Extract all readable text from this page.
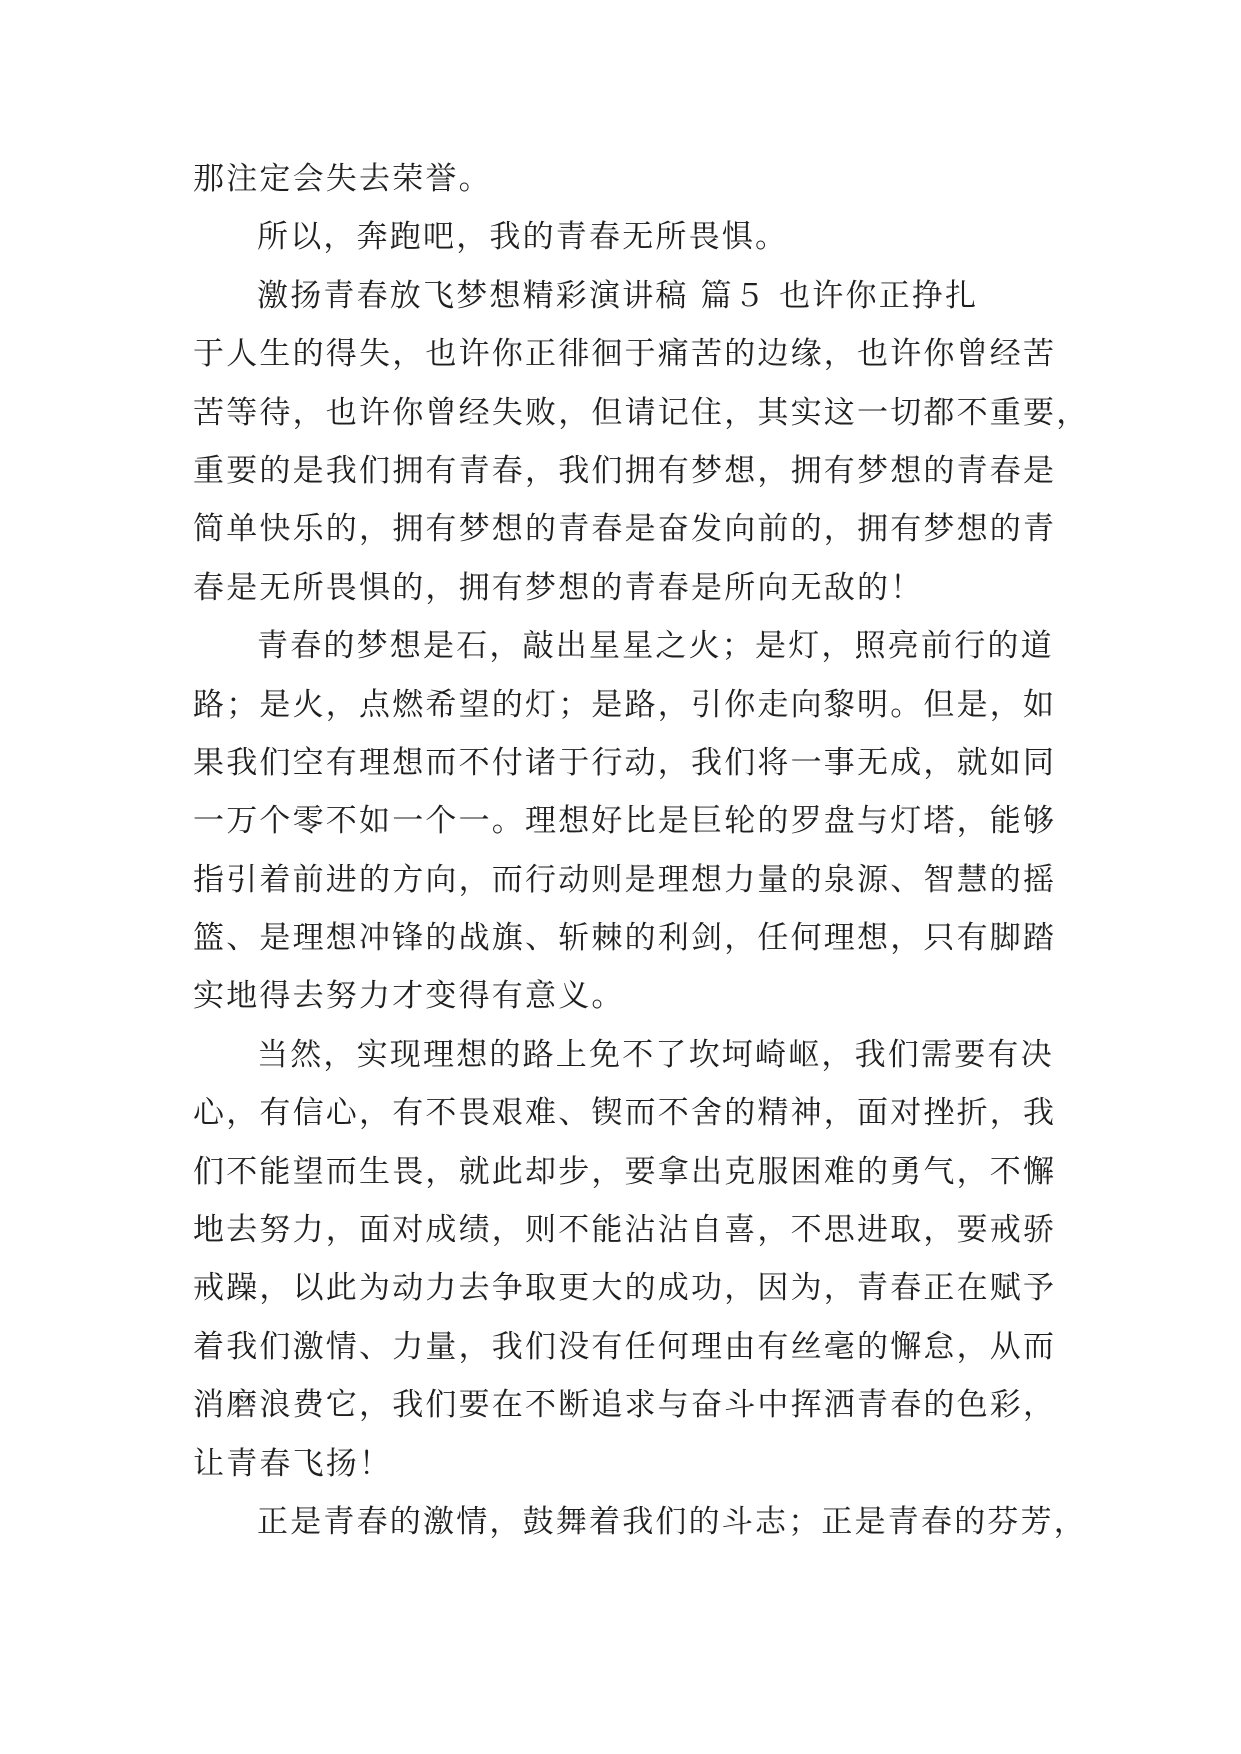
那注定会失去荣誉。
所以，奔跑吧，我的青春无所畏惧。
激扬青春放飞梦想精彩演讲稿 篇５ 也许你正挣扎
于人生的得失，也许你正徘徊于痛苦的边缘，也许你曾经苦
苦等待，也许你曾经失败，但请记住，其实这一切都不重要，
重要的是我们拥有青春，我们拥有梦想，拥有梦想的青春是
简单快乐的，拥有梦想的青春是奋发向前的，拥有梦想的青
春是无所畏惧的，拥有梦想的青春是所向无敌的！
青春的梦想是石，敲出星星之火；是灯，照亮前行的道
路；是火，点燃希望的灯；是路，引你走向黎明。但是，如
果我们空有理想而不付诸于行动，我们将一事无成，就如同
一万个零不如一个一。理想好比是巨轮的罗盘与灯塔，能够
指引着前进的方向，而行动则是理想力量的泉源、智慧的摇
篮、是理想冲锋的战旗、斩棘的利剑，任何理想，只有脚踏
实地得去努力才变得有意义。
当然，实现理想的路上免不了坎坷崎岖，我们需要有决
心，有信心，有不畏艰难、锲而不舍的精神，面对挫折，我
们不能望而生畏，就此却步，要拿出克服困难的勇气，不懈
地去努力，面对成绩，则不能沾沾自喜，不思进取，要戒骄
戒躁，以此为动力去争取更大的成功，因为，青春正在赋予
着我们激情、力量，我们没有任何理由有丝毫的懈怠，从而
消磨浪费它，我们要在不断追求与奋斗中挥洒青春的色彩，
让青春飞扬！
正是青春的激情，鼓舞着我们的斗志；正是青春的芬芳，
